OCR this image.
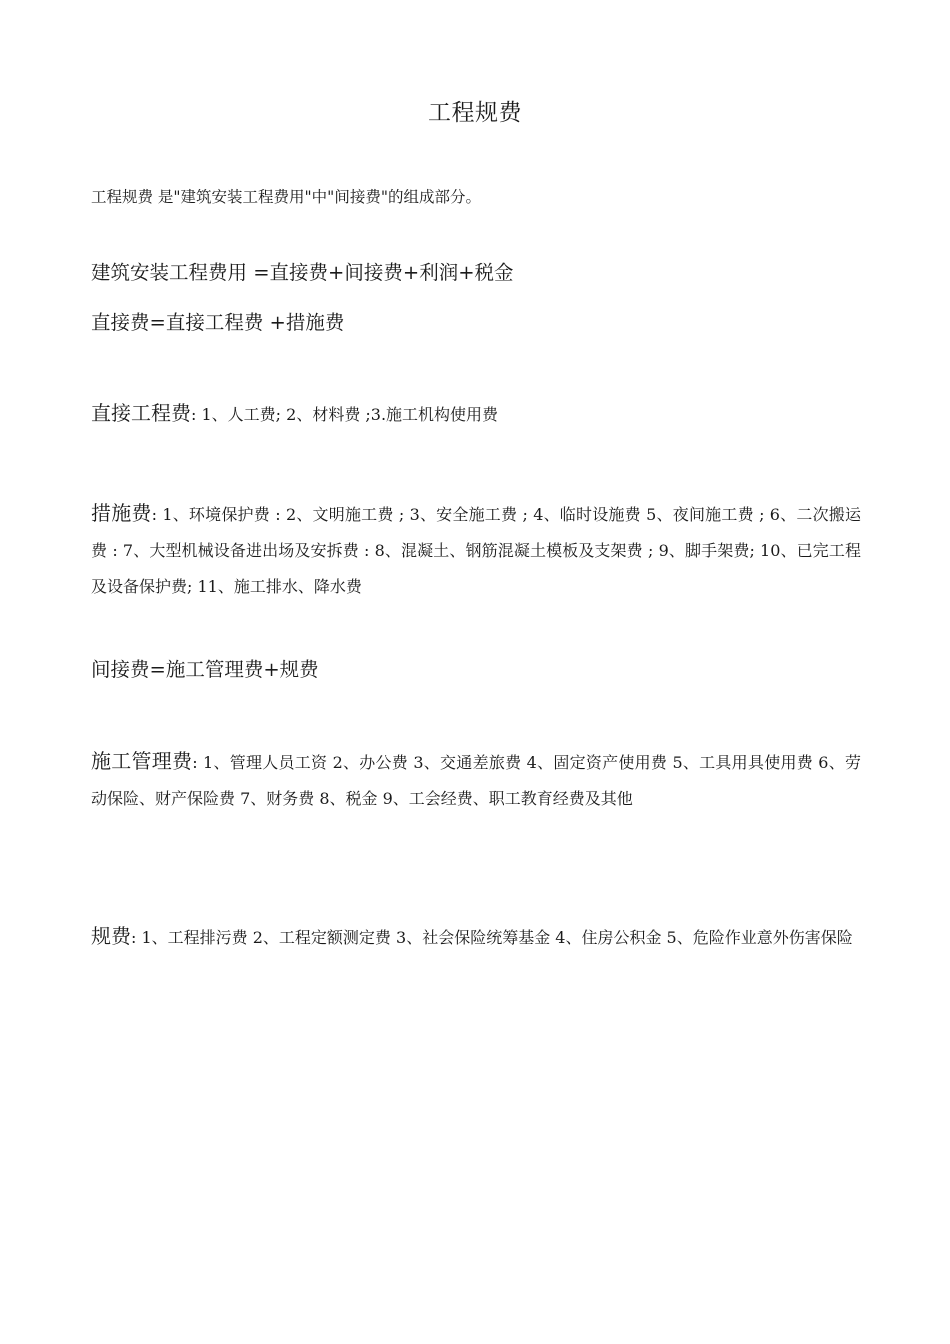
工程规费
工程规费 是"建筑安装工程费用"中"间接费"的组成部分。
建筑安装工程费用 =直接费+间接费+利润+税金
直接费=直接工程费 +措施费
直接工程费: 1、人工费; 2、材料费 ;3.施工机构使用费
措施费: 1、环境保护费 : 2、文明施工费 ; 3、安全施工费 ; 4、临时设施费 5、夜间施工费 ; 6、二次搬运费 : 7、大型机械设备进出场及安拆费 : 8、混凝土、钢筋混凝土模板及支架费 ; 9、脚手架费; 10、已完工程及设备保护费; 11、施工排水、降水费
间接费=施工管理费+规费
施工管理费: 1、管理人员工资 2、办公费 3、交通差旅费 4、固定资产使用费 5、工具用具使用费 6、劳动保险、财产保险费 7、财务费 8、税金 9、工会经费、职工教育经费及其他
规费: 1、工程排污费 2、工程定额测定费 3、社会保险统筹基金 4、住房公积金 5、危险作业意外伤害保险
